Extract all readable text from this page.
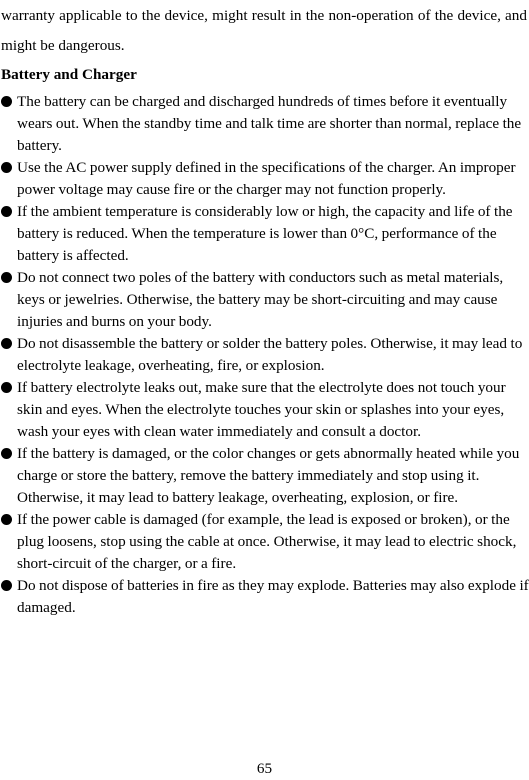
warranty applicable to the device, might result in the non-operation of the device, and might be dangerous.

Battery and Charger

The battery can be charged and discharged hundreds of times before it eventually wears out. When the standby time and talk time are shorter than normal, replace the battery.
Use the AC power supply defined in the specifications of the charger. An improper power voltage may cause fire or the charger may not function properly.
If the ambient temperature is considerably low or high, the capacity and life of the battery is reduced. When the temperature is lower than 0°C, performance of the battery is affected.
Do not connect two poles of the battery with conductors such as metal materials, keys or jewelries. Otherwise, the battery may be short-circuiting and may cause injuries and burns on your body.
Do not disassemble the battery or solder the battery poles. Otherwise, it may lead to electrolyte leakage, overheating, fire, or explosion.
If battery electrolyte leaks out, make sure that the electrolyte does not touch your skin and eyes. When the electrolyte touches your skin or splashes into your eyes, wash your eyes with clean water immediately and consult a doctor.
If the battery is damaged, or the color changes or gets abnormally heated while you charge or store the battery, remove the battery immediately and stop using it. Otherwise, it may lead to battery leakage, overheating, explosion, or fire.
If the power cable is damaged (for example, the lead is exposed or broken), or the plug loosens, stop using the cable at once. Otherwise, it may lead to electric shock, short-circuit of the charger, or a fire.
Do not dispose of batteries in fire as they may explode. Batteries may also explode if damaged.

65
